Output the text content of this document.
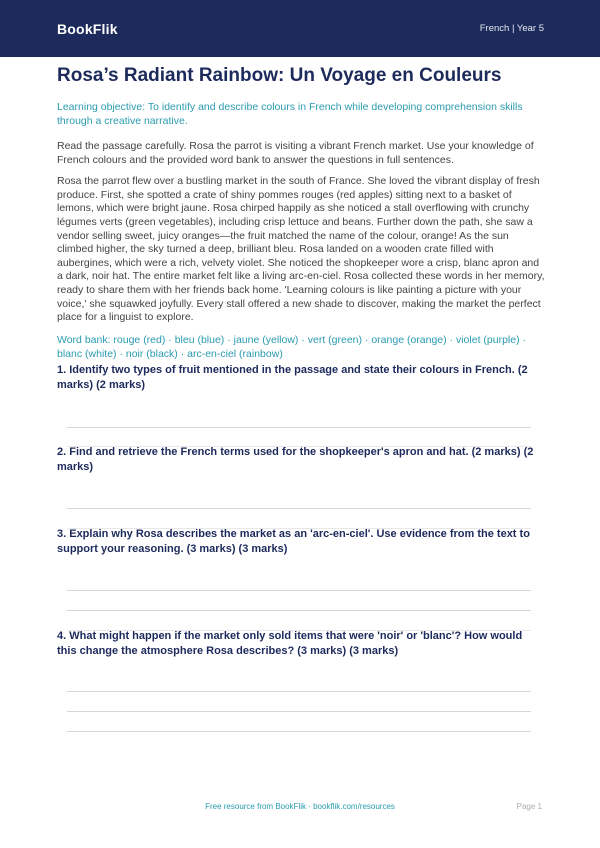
BookFlik	French | Year 5
Rosa’s Radiant Rainbow: Un Voyage en Couleurs

Learning objective: To identify and describe colours in French while developing comprehension skills through a creative narrative.

Read the passage carefully. Rosa the parrot is visiting a vibrant French market. Use your knowledge of French colours and the provided word bank to answer the questions in full sentences.

Rosa the parrot flew over a bustling market in the south of France. She loved the vibrant display of fresh produce. First, she spotted a crate of shiny pommes rouges (red apples) sitting next to a basket of lemons, which were bright jaune. Rosa chirped happily as she noticed a stall overflowing with crunchy légumes verts (green vegetables), including crisp lettuce and beans. Further down the path, she saw a vendor selling sweet, juicy oranges—the fruit matched the name of the colour, orange! As the sun climbed higher, the sky turned a deep, brilliant bleu. Rosa landed on a wooden crate filled with aubergines, which were a rich, velvety violet. She noticed the shopkeeper wore a crisp, blanc apron and a dark, noir hat. The entire market felt like a living arc-en-ciel. Rosa collected these words in her memory, ready to share them with her friends back home. 'Learning colours is like painting a picture with your voice,' she squawked joyfully. Every stall offered a new shade to discover, making the market the perfect place for a linguist to explore.

Word bank: rouge (red) · bleu (blue) · jaune (yellow) · vert (green) · orange (orange) · violet (purple) · blanc (white) · noir (black) · arc-en-ciel (rainbow)

1. Identify two types of fruit mentioned in the passage and state their colours in French. (2 marks) (2 marks)
2. Find and retrieve the French terms used for the shopkeeper's apron and hat. (2 marks) (2 marks)
3. Explain why Rosa describes the market as an 'arc-en-ciel'. Use evidence from the text to support your reasoning. (3 marks) (3 marks)
4. What might happen if the market only sold items that were 'noir' or 'blanc'? How would this change the atmosphere Rosa describes? (3 marks) (3 marks)
Free resource from BookFlik · bookflik.com/resources	Page 1
